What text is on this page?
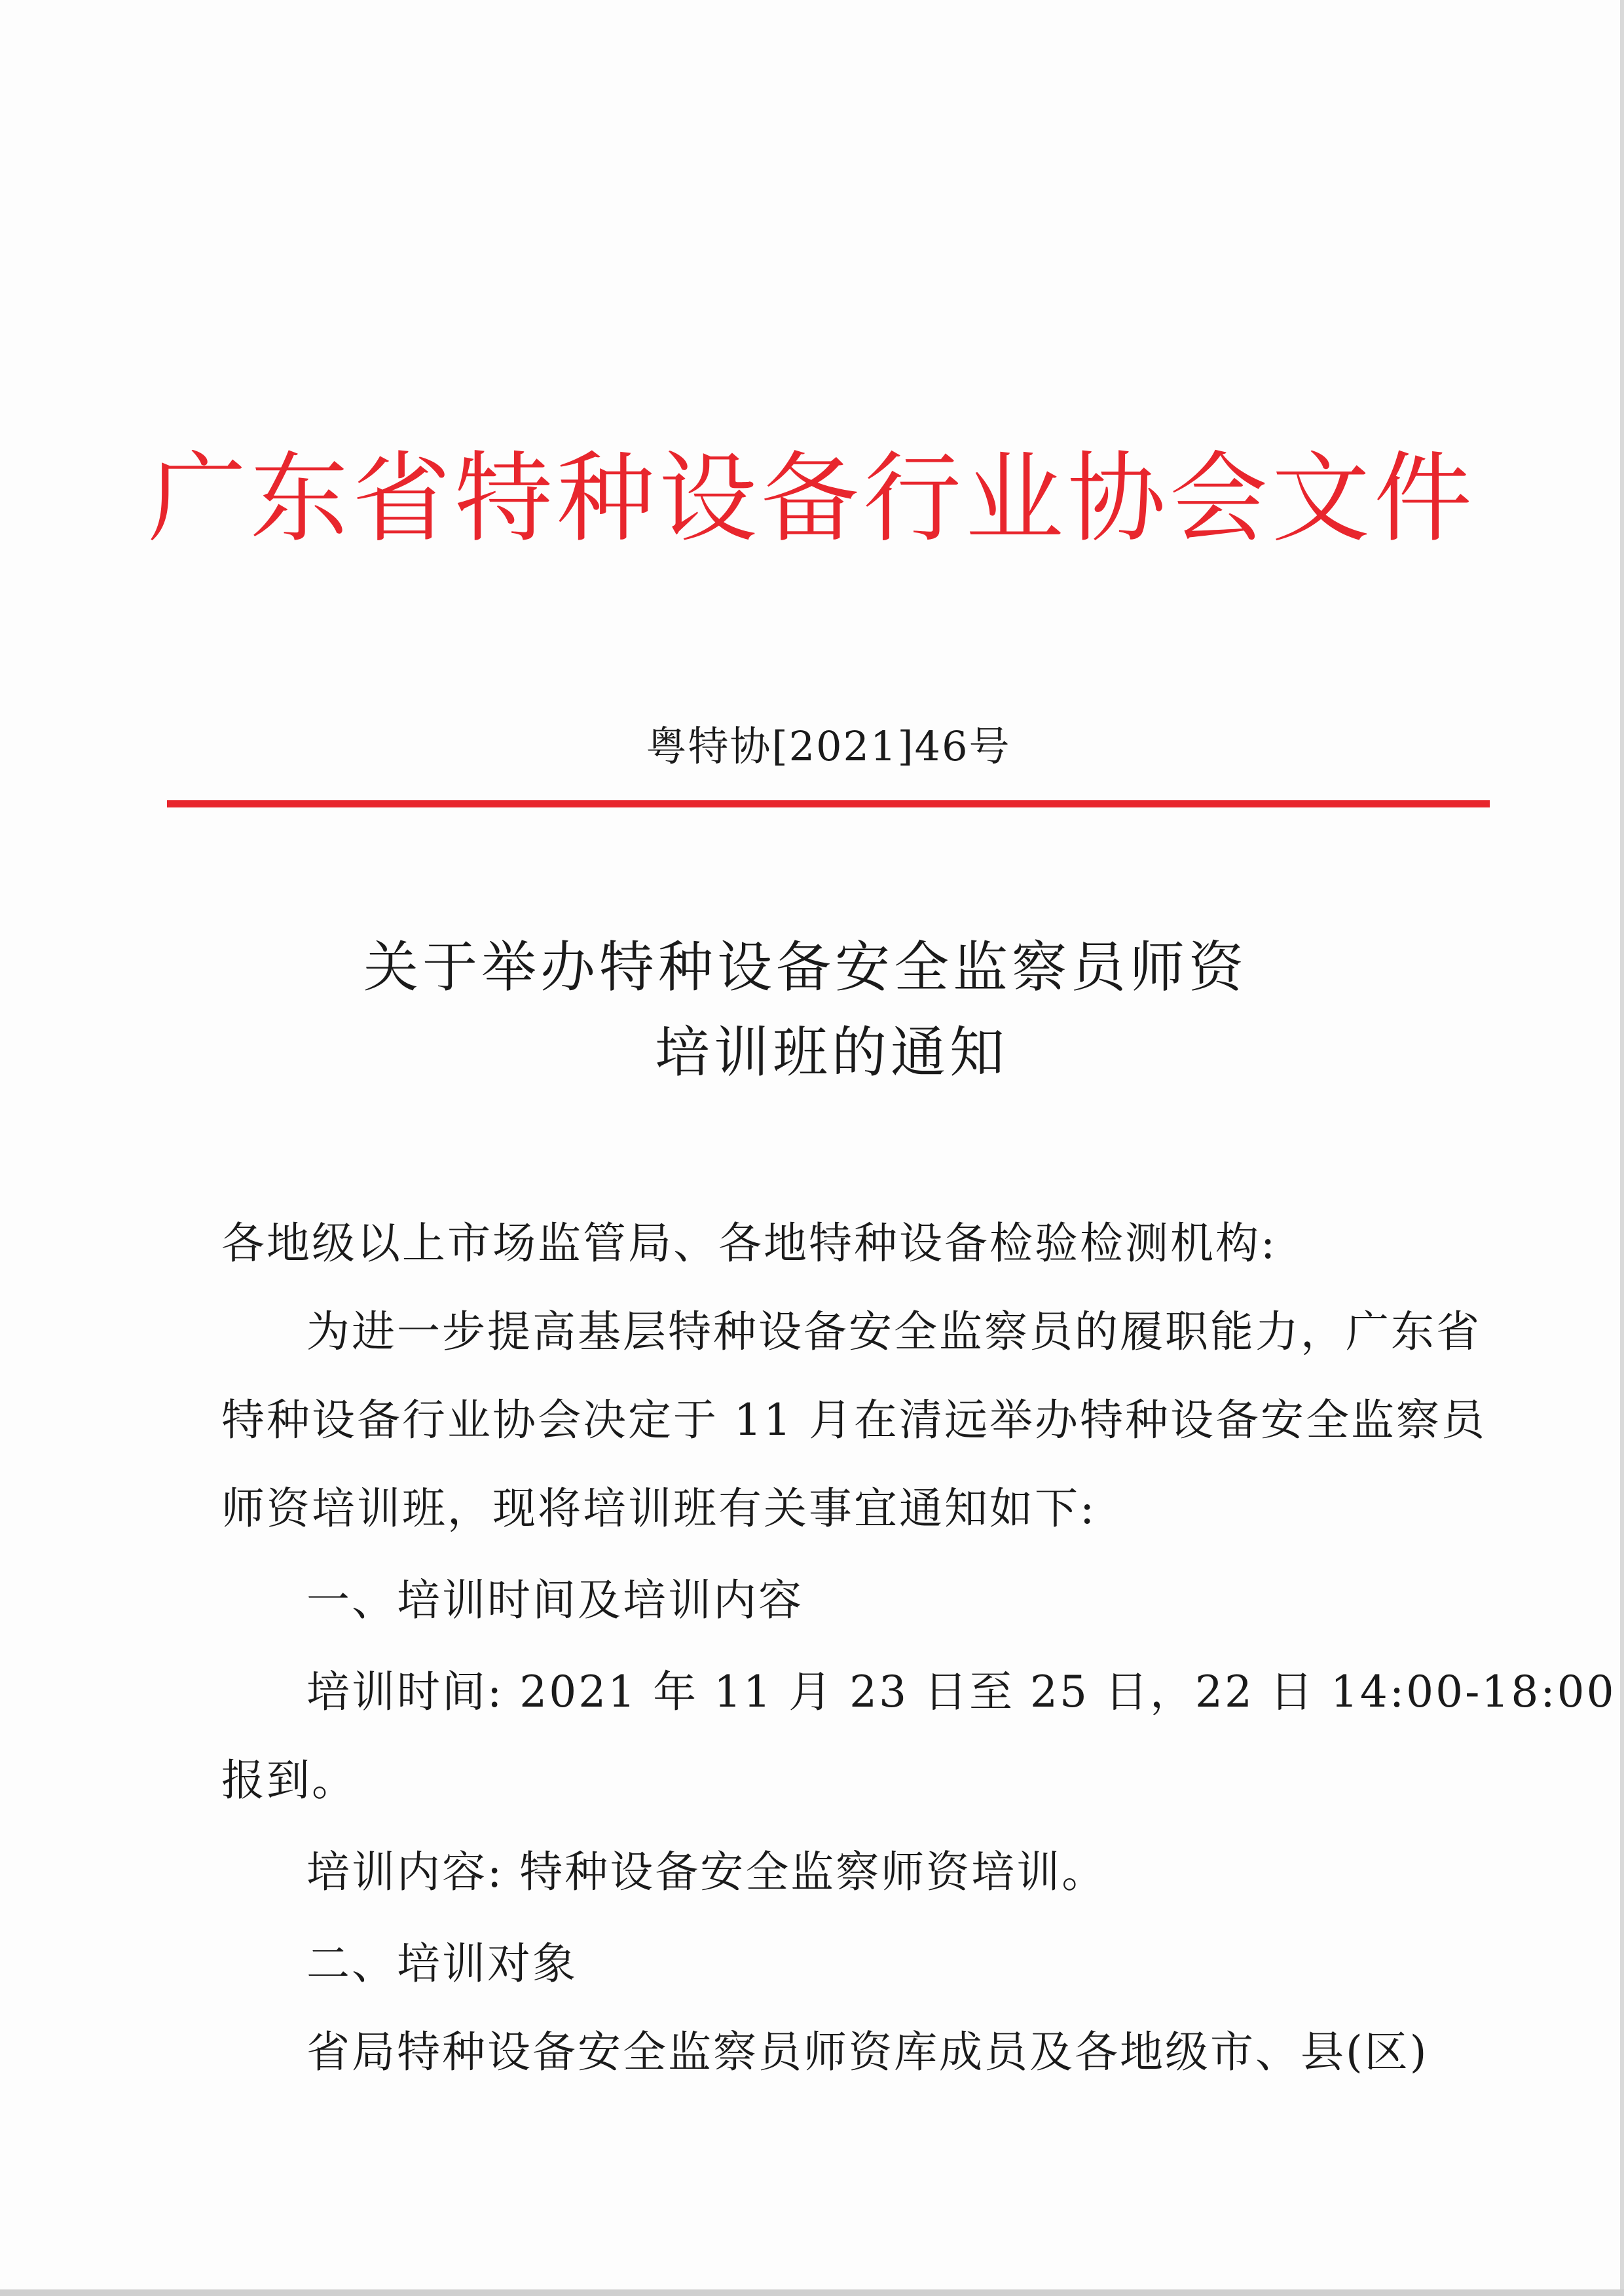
广东省特种设备行业协会文件
粤特协[2021]46号
关于举办特种设备安全监察员师资
培训班的通知
各地级以上市场监管局、各地特种设备检验检测机构:
为进一步提高基层特种设备安全监察员的履职能力，广东省
特种设备行业协会决定于 11 月在清远举办特种设备安全监察员
师资培训班，现将培训班有关事宜通知如下:
一、培训时间及培训内容
培训时间: 2021 年 11 月 23 日至 25 日，22 日 14:00-18:00
报到。
培训内容: 特种设备安全监察师资培训。
二、培训对象
省局特种设备安全监察员师资库成员及各地级市、县(区)
